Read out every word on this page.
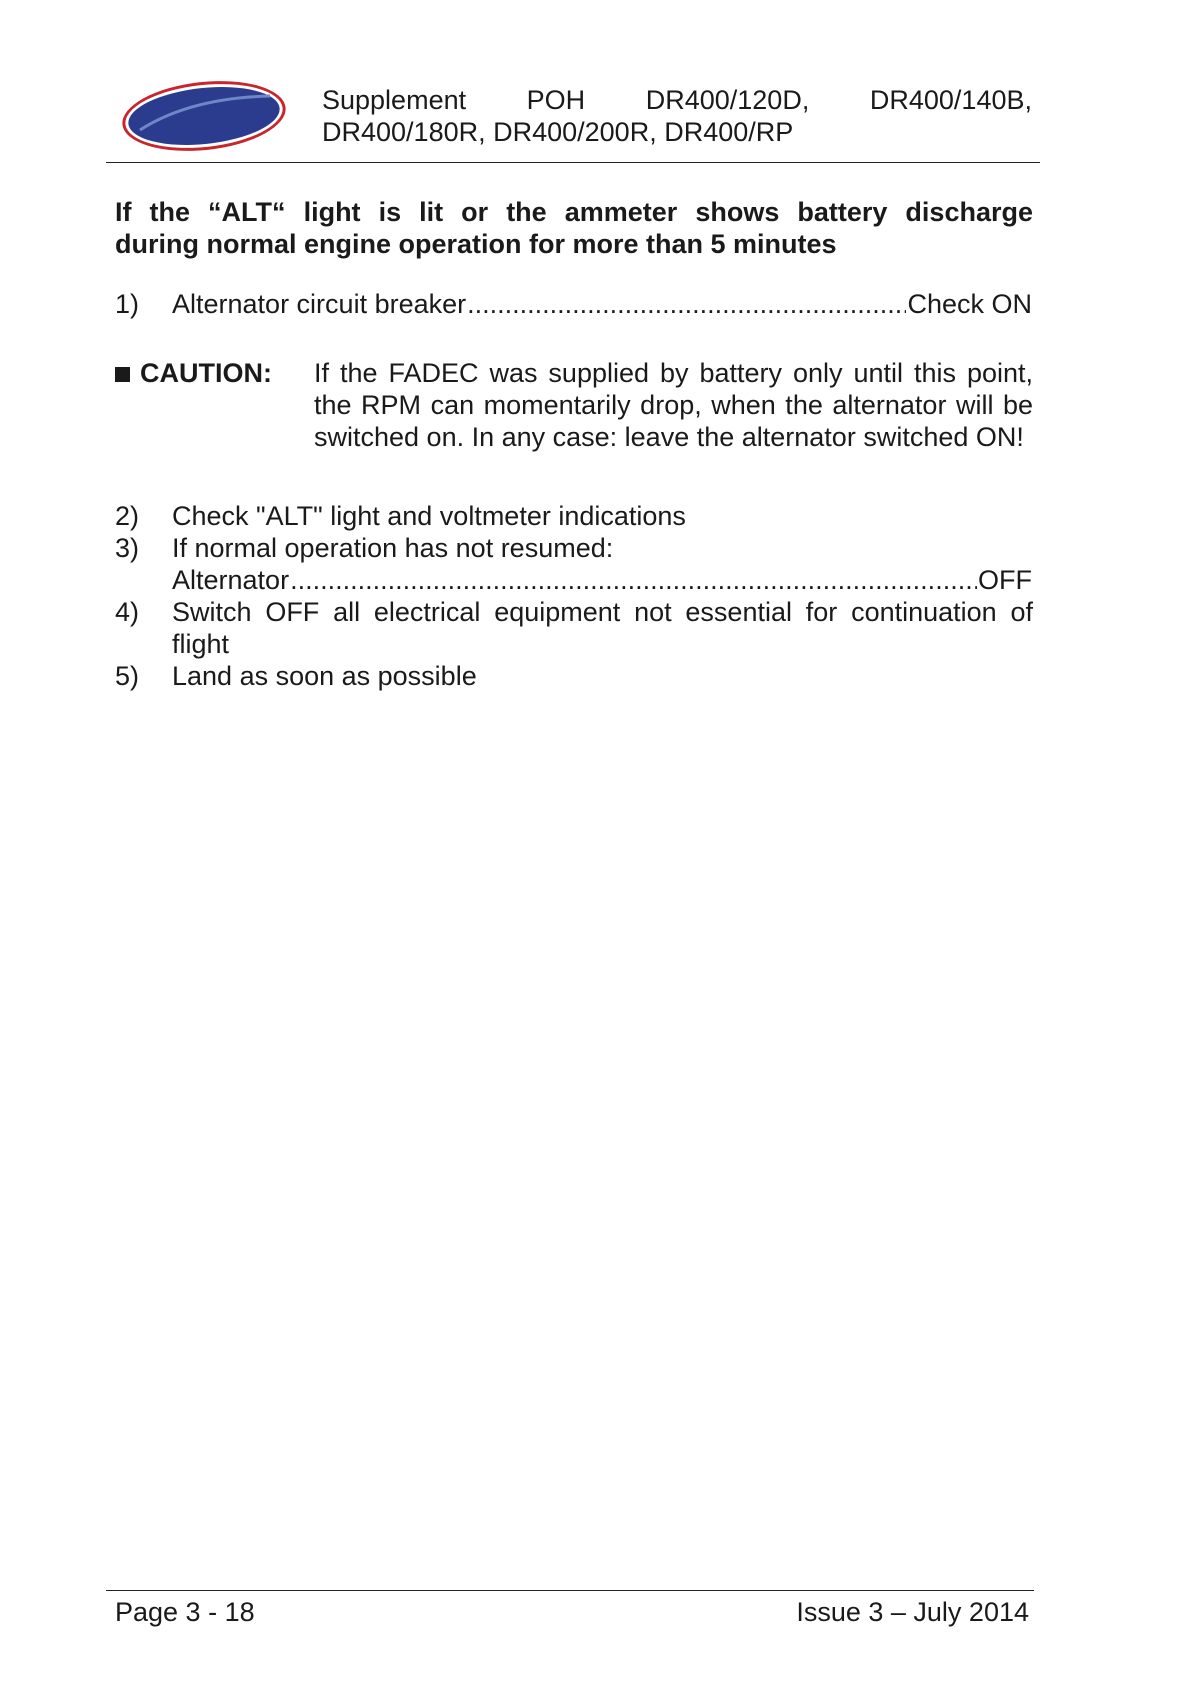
Supplement POH DR400/120D, DR400/140B,
DR400/180R, DR400/200R, DR400/RP
If the “ALT“ light is lit or the ammeter shows battery discharge
during normal engine operation for more than 5 minutes
1)	Alternator circuit breaker .....	Check ON
CAUTION: If the FADEC was supplied by battery only until this point, the RPM can momentarily drop, when the alternator will be switched on. In any case: leave the alternator switched ON!
2)	Check "ALT" light and voltmeter indications
3)	If normal operation has not resumed:
Alternator .....	OFF
4)	Switch OFF all electrical equipment not essential for continuation of
flight
5)	Land as soon as possible
Page 3 - 18	Issue 3 – July 2014
